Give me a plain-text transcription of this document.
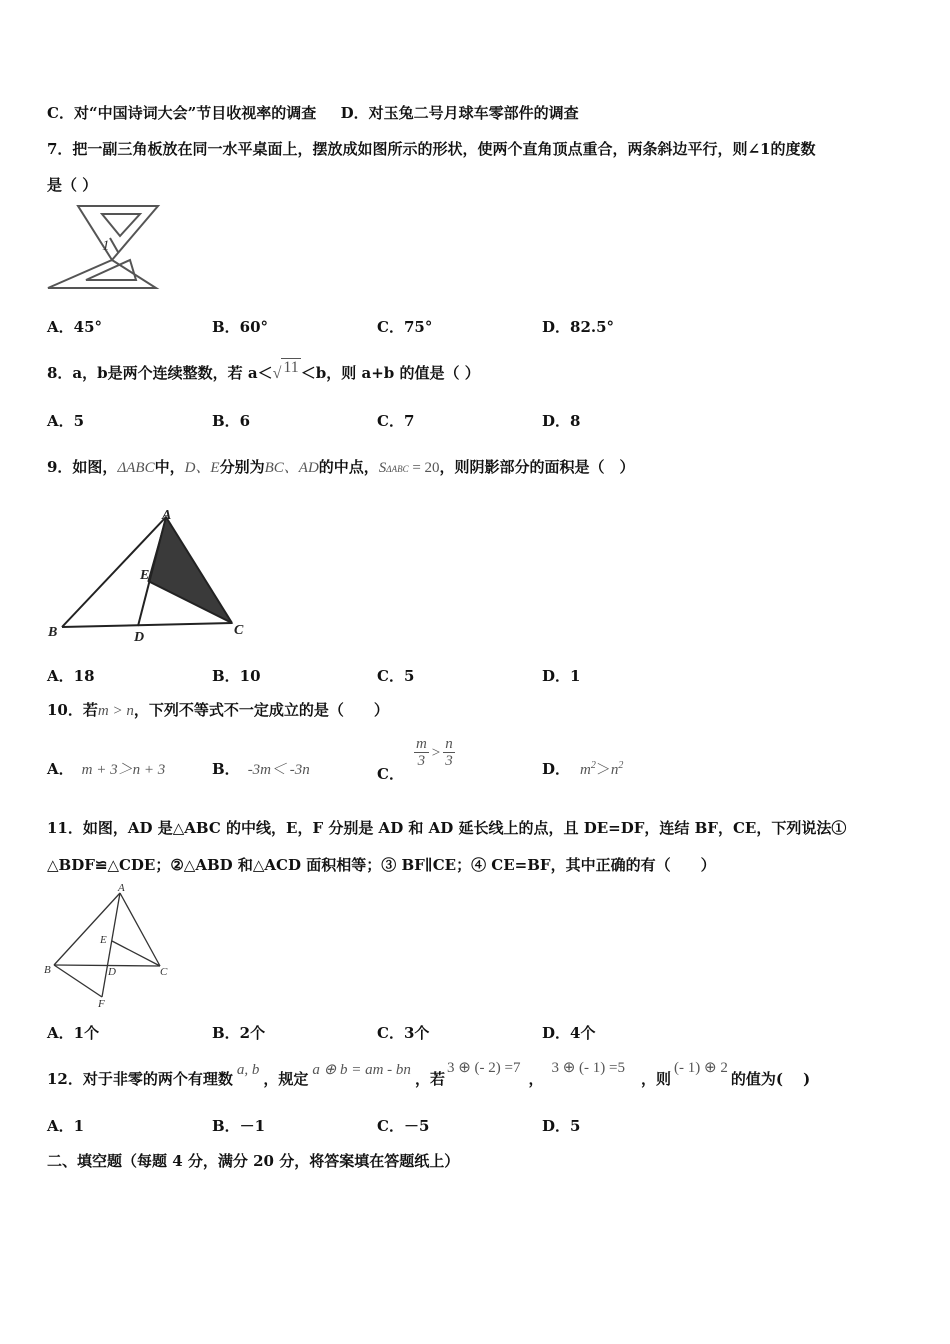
C．对“中国诗词大会”节目收视率的调查 D．对玉兔二号月球车零部件的调查
7．把一副三角板放在同一水平桌面上，摆放成如图所示的形状，使两个直角顶点重合，两条斜边平行，则∠1的度数
是（ ）
1
A．45°	B．60°	C．75°	D．82.5°
8．a，b是两个连续整数，若 a＜√ 11 ＜b，则 a+b 的值是（ ）
A．5	B．6	C．7	D．8
9．如图，ΔABC中，D、E分别为BC、AD的中点，SΔABC = 20，则阴影部分的面积是（　）
A
B	C
D
E
A．18	B．10	C．5	D．1
10．若m > n，下列不等式不一定成立的是（　　）
A． m + 3＞n + 3	B． -3m＜ -3n	C．
$\frac{m}{3} > \frac{n}{3}$	D． $m^2>n^2$
11．如图，AD 是△ABC 的中线，E，F 分别是 AD 和 AD 延长线上的点，且 DE=DF，连结 BF，CE，下列说法①
△BDF≌△CDE；②△ABD 和△ACD 面积相等；③ BF∥CE；④ CE=BF，其中正确的有（　　）
A
B	C
D
E
F
A．1个	B．2个	C．3个	D．4个
12．对于非零的两个有理数 a, b ，规定 a ⊕ b = am - bn ，若3 ⊕ (- 2) =7，3 ⊕ (- 1) =5，则(- 1) ⊕ 2的值为(　 )
A．1	B．－1	C．－5	D．5
二、填空题（每题 4 分，满分 20 分，将答案填在答题纸上）
